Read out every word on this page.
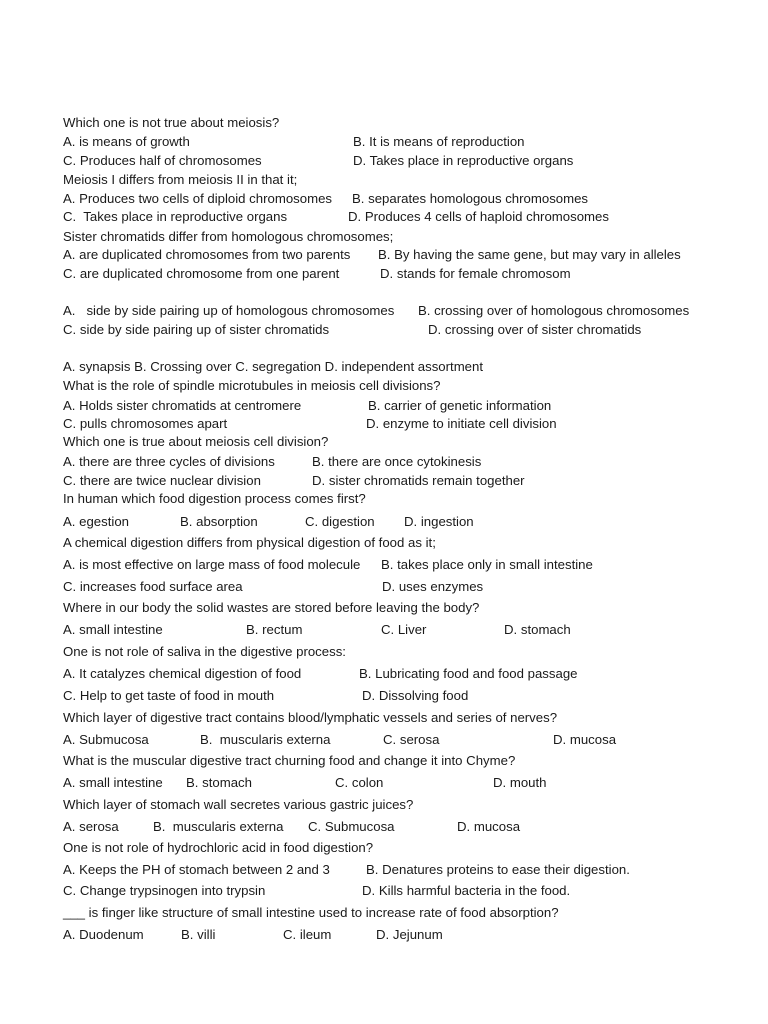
Which one is not true about meiosis?
A. is means of growth	B. It is means of reproduction
C. Produces half of chromosomes	D. Takes place in reproductive organs
Meiosis I differs from meiosis II in that it;
A. Produces two cells of diploid chromosomes B. separates homologous chromosomes
C.  Takes place in reproductive organs	D. Produces 4 cells of haploid chromosomes
Sister chromatids differ from homologous chromosomes;
A. are duplicated chromosomes from two parents B. By having the same gene, but may vary in alleles
C. are duplicated chromosome from one parent	D. stands for female chromosom
A.   side by side pairing up of homologous chromosomes B. crossing over of homologous chromosomes
C. side by side pairing up of sister chromatids	D. crossing over of sister chromatids
A. synapsis B. Crossing over C. segregation D. independent assortment
What is the role of spindle microtubules in meiosis cell divisions?
A. Holds sister chromatids at centromere	B. carrier of genetic information
C. pulls chromosomes apart	D. enzyme to initiate cell division
Which one is true about meiosis cell division?
A. there are three cycles of divisions	B. there are once cytokinesis
C. there are twice nuclear division	D. sister chromatids remain together
In human which food digestion process comes first?
A. egestion	B. absorption	C. digestion D. ingestion
A chemical digestion differs from physical digestion of food as it;
A. is most effective on large mass of food molecule B. takes place only in small intestine
C. increases food surface area	D. uses enzymes
Where in our body the solid wastes are stored before leaving the body?
A. small intestine	B. rectum	C. Liver	D. stomach
One is not role of saliva in the digestive process:
A. It catalyzes chemical digestion of food	B. Lubricating food and food passage
C. Help to get taste of food in mouth	D. Dissolving food
Which layer of digestive tract contains blood/lymphatic vessels and series of nerves?
A. Submucosa	B.  muscularis externa	C. serosa	D. mucosa
What is the muscular digestive tract churning food and change it into Chyme?
A. small intestine B. stomach	C. colon	D. mouth
Which layer of stomach wall secretes various gastric juices?
A. serosa	B.  muscularis externa C. Submucosa	D. mucosa
One is not role of hydrochloric acid in food digestion?
A. Keeps the PH of stomach between 2 and 3	B. Denatures proteins to ease their digestion.
C. Change trypsinogen into trypsin	D. Kills harmful bacteria in the food.
___ is finger like structure of small intestine used to increase rate of food absorption?
A. Duodenum	B. villi	C. ileum	D. Jejunum
